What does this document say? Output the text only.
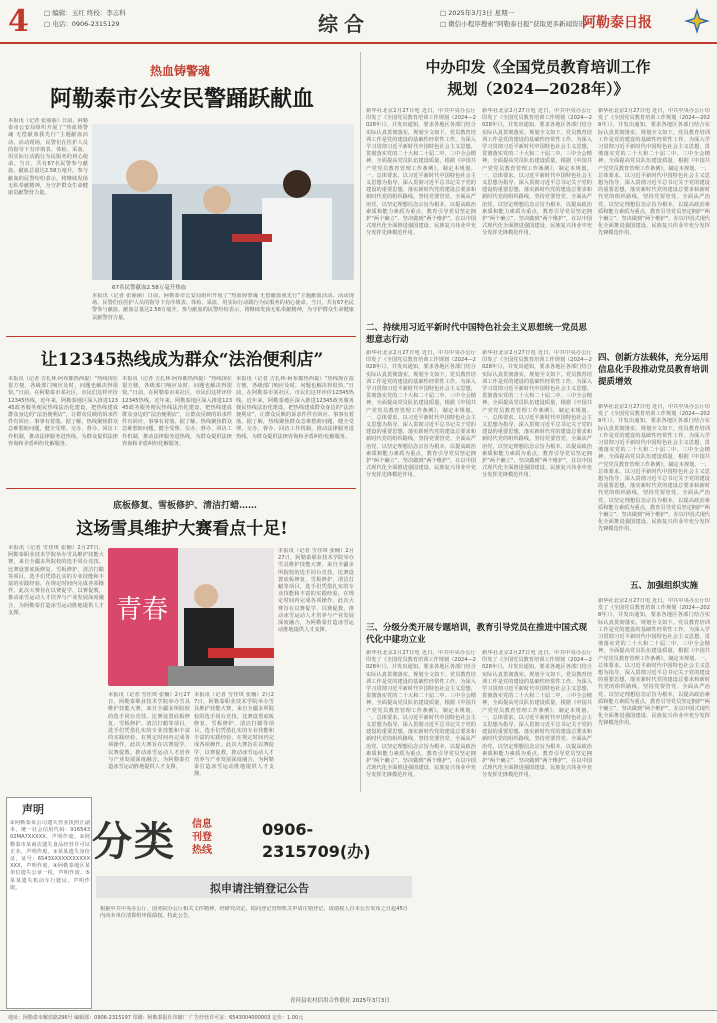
4 □ 编辑：玉红 终校：李志科
□ 电话：0906-2315129	综合	□ 2025年3月3日 星期一
□ 微信小程序搜索“阿勒泰日报”获取更多新闻资讯
阿勒泰日报
热血铸警魂
阿勒泰市公安民警踊跃献血
本报讯（记者 张丽丽）日前，阿勒泰市公安局组织开展了“热血铸警魂 无偿献血我先行”主题献血活动。活动现场，民警们在医护人员的指导下有序填表、体检、采血，用实际行动践行为民服务的初心使命。当日，共有67名民警参与献血，献血总量达2.58万毫升。参与献血的民警纷纷表示，将继续发扬无私奉献精神，为守护群众生命健康贡献警营力量。
67名民警献血2.58万毫升热血
本报讯（记者 张丽丽）日前，阿勒泰市公安局组织开展了“热血铸警魂 无偿献血我先行”主题献血活动。活动现场，民警们在医护人员的指导下有序填表、体检、采血，用实际行动践行为民服务的初心使命。当日，共有67名民警参与献血，献血总量达2.58万毫升。参与献血的民警纷纷表示，将继续发扬无私奉献精神，为守护群众生命健康贡献警营力量。
让12345热线成为群众“法治便利店”
本报讯（记者 吉扎林·阿布都热西提）“热线现在很方便，各级部门响应及时，问题也解决得很快。”日前，在阿勒泰市某社区，市民们这样评价12345热线。近年来，阿勒泰地区深入推进12345政务服务便民热线法治化建设，把热线建成群众身边的“法治便利店”，让群众反映的诉求件件有回应、事事有着落。据了解，热线聚焦群众急难愁盼问题，健全受理、交办、督办、回访工作机制，推动法律服务进热线，为群众提供法律咨询和矛盾纠纷化解服务。
本报讯（记者 吉扎林·阿布都热西提）“热线现在很方便，各级部门响应及时，问题也解决得很快。”日前，在阿勒泰市某社区，市民们这样评价12345热线。近年来，阿勒泰地区深入推进12345政务服务便民热线法治化建设，把热线建成群众身边的“法治便利店”，让群众反映的诉求件件有回应、事事有着落。据了解，热线聚焦群众急难愁盼问题，健全受理、交办、督办、回访工作机制，推动法律服务进热线，为群众提供法律咨询和矛盾纠纷化解服务。
本报讯（记者 吉扎林·阿布都热西提）“热线现在很方便，各级部门响应及时，问题也解决得很快。”日前，在阿勒泰市某社区，市民们这样评价12345热线。近年来，阿勒泰地区深入推进12345政务服务便民热线法治化建设，把热线建成群众身边的“法治便利店”，让群众反映的诉求件件有回应、事事有着落。据了解，热线聚焦群众急难愁盼问题，健全受理、交办、督办、回访工作机制，推动法律服务进热线，为群众提供法律咨询和矛盾纠纷化解服务。
底板修复、雪板修护、清洁打蜡……
这场雪具维护大赛看点十足!
本报讯（记者 雪佳琪 张楠）2月27日，阿勒泰职业技术学院举办雪具维护技能大赛，来自全疆多所院校的选手同台竞技。比赛设置底板修复、雪板修护、清洁打蜡等项目，选手们凭借扎实的专业技能和丰富的实践经验，在规定时间内完成各项操作。此次大赛旨在以赛促学、以赛促教，推动冰雪运动人才培养与产业发展深度融合，为阿勒泰打造冰雪运动胜地提供人才支撑。	青春
本报讯（记者 雪佳琪 张楠）2月27日，阿勒泰职业技术学院举办雪具维护技能大赛，来自全疆多所院校的选手同台竞技。比赛设置底板修复、雪板修护、清洁打蜡等项目，选手们凭借扎实的专业技能和丰富的实践经验，在规定时间内完成各项操作。此次大赛旨在以赛促学、以赛促教，推动冰雪运动人才培养与产业发展深度融合，为阿勒泰打造冰雪运动胜地提供人才支撑。
本报讯（记者 雪佳琪 张楠）2月27日，阿勒泰职业技术学院举办雪具维护技能大赛，来自全疆多所院校的选手同台竞技。比赛设置底板修复、雪板修护、清洁打蜡等项目，选手们凭借扎实的专业技能和丰富的实践经验，在规定时间内完成各项操作。此次大赛旨在以赛促学、以赛促教，推动冰雪运动人才培养与产业发展深度融合，为阿勒泰打造冰雪运动胜地提供人才支撑。
本报讯（记者 雪佳琪 张楠）2月27日，阿勒泰职业技术学院举办雪具维护技能大赛，来自全疆多所院校的选手同台竞技。比赛设置底板修复、雪板修护、清洁打蜡等项目，选手们凭借扎实的专业技能和丰富的实践经验，在规定时间内完成各项操作。此次大赛旨在以赛促学、以赛促教，推动冰雪运动人才培养与产业发展深度融合，为阿勒泰打造冰雪运动胜地提供人才支撑。
中办印发《全国党员教育培训工作
规划（2024—2028年）》
新华社北京2月27日电 近日，中共中央办公厅印发了《全国党员教育培训工作规划（2024—2028年）》，并发出通知，要求各地区各部门结合实际认真贯彻落实。规划全文如下。党员教育培训工作是党的建设的基础性经常性工作。为深入学习贯彻习近平新时代中国特色社会主义思想，贯彻落实党的二十大和二十届二中、三中全会精神，全面提高党员队伍建设质量，根据《中国共产党党员教育管理工作条例》，制定本规划。一、总体要求。以习近平新时代中国特色社会主义思想为指导，深入贯彻习近平总书记关于党的建设的重要思想，落实新时代党的建设总要求和新时代党的组织路线，坚持党要管党、全面从严治党，以坚定理想信念宗旨为根本，以提高政治素质和能力素质为重点，教育引导党员坚定拥护“两个确立”、坚决做到“两个维护”，在以中国式现代化全面推进强国建设、民族复兴伟业中充分发挥先锋模范作用。
新华社北京2月27日电 近日，中共中央办公厅印发了《全国党员教育培训工作规划（2024—2028年）》，并发出通知，要求各地区各部门结合实际认真贯彻落实。规划全文如下。党员教育培训工作是党的建设的基础性经常性工作。为深入学习贯彻习近平新时代中国特色社会主义思想，贯彻落实党的二十大和二十届二中、三中全会精神，全面提高党员队伍建设质量，根据《中国共产党党员教育管理工作条例》，制定本规划。一、总体要求。以习近平新时代中国特色社会主义思想为指导，深入贯彻习近平总书记关于党的建设的重要思想，落实新时代党的建设总要求和新时代党的组织路线，坚持党要管党、全面从严治党，以坚定理想信念宗旨为根本，以提高政治素质和能力素质为重点，教育引导党员坚定拥护“两个确立”、坚决做到“两个维护”，在以中国式现代化全面推进强国建设、民族复兴伟业中充分发挥先锋模范作用。
新华社北京2月27日电 近日，中共中央办公厅印发了《全国党员教育培训工作规划（2024—2028年）》，并发出通知，要求各地区各部门结合实际认真贯彻落实。规划全文如下。党员教育培训工作是党的建设的基础性经常性工作。为深入学习贯彻习近平新时代中国特色社会主义思想，贯彻落实党的二十大和二十届二中、三中全会精神，全面提高党员队伍建设质量，根据《中国共产党党员教育管理工作条例》，制定本规划。一、总体要求。以习近平新时代中国特色社会主义思想为指导，深入贯彻习近平总书记关于党的建设的重要思想，落实新时代党的建设总要求和新时代党的组织路线，坚持党要管党、全面从严治党，以坚定理想信念宗旨为根本，以提高政治素质和能力素质为重点，教育引导党员坚定拥护“两个确立”、坚决做到“两个维护”，在以中国式现代化全面推进强国建设、民族复兴伟业中充分发挥先锋模范作用。
二、持续用习近平新时代中国特色社会主义思想统一党员思想意志行动
新华社北京2月27日电 近日，中共中央办公厅印发了《全国党员教育培训工作规划（2024—2028年）》，并发出通知，要求各地区各部门结合实际认真贯彻落实。规划全文如下。党员教育培训工作是党的建设的基础性经常性工作。为深入学习贯彻习近平新时代中国特色社会主义思想，贯彻落实党的二十大和二十届二中、三中全会精神，全面提高党员队伍建设质量，根据《中国共产党党员教育管理工作条例》，制定本规划。一、总体要求。以习近平新时代中国特色社会主义思想为指导，深入贯彻习近平总书记关于党的建设的重要思想，落实新时代党的建设总要求和新时代党的组织路线，坚持党要管党、全面从严治党，以坚定理想信念宗旨为根本，以提高政治素质和能力素质为重点，教育引导党员坚定拥护“两个确立”、坚决做到“两个维护”，在以中国式现代化全面推进强国建设、民族复兴伟业中充分发挥先锋模范作用。
新华社北京2月27日电 近日，中共中央办公厅印发了《全国党员教育培训工作规划（2024—2028年）》，并发出通知，要求各地区各部门结合实际认真贯彻落实。规划全文如下。党员教育培训工作是党的建设的基础性经常性工作。为深入学习贯彻习近平新时代中国特色社会主义思想，贯彻落实党的二十大和二十届二中、三中全会精神，全面提高党员队伍建设质量，根据《中国共产党党员教育管理工作条例》，制定本规划。一、总体要求。以习近平新时代中国特色社会主义思想为指导，深入贯彻习近平总书记关于党的建设的重要思想，落实新时代党的建设总要求和新时代党的组织路线，坚持党要管党、全面从严治党，以坚定理想信念宗旨为根本，以提高政治素质和能力素质为重点，教育引导党员坚定拥护“两个确立”、坚决做到“两个维护”，在以中国式现代化全面推进强国建设、民族复兴伟业中充分发挥先锋模范作用。
四、创新方法载体，充分运用信息化手段推动党员教育培训提质增效
新华社北京2月27日电 近日，中共中央办公厅印发了《全国党员教育培训工作规划（2024—2028年）》，并发出通知，要求各地区各部门结合实际认真贯彻落实。规划全文如下。党员教育培训工作是党的建设的基础性经常性工作。为深入学习贯彻习近平新时代中国特色社会主义思想，贯彻落实党的二十大和二十届二中、三中全会精神，全面提高党员队伍建设质量，根据《中国共产党党员教育管理工作条例》，制定本规划。一、总体要求。以习近平新时代中国特色社会主义思想为指导，深入贯彻习近平总书记关于党的建设的重要思想，落实新时代党的建设总要求和新时代党的组织路线，坚持党要管党、全面从严治党，以坚定理想信念宗旨为根本，以提高政治素质和能力素质为重点，教育引导党员坚定拥护“两个确立”、坚决做到“两个维护”，在以中国式现代化全面推进强国建设、民族复兴伟业中充分发挥先锋模范作用。
五、加强组织实施
新华社北京2月27日电 近日，中共中央办公厅印发了《全国党员教育培训工作规划（2024—2028年）》，并发出通知，要求各地区各部门结合实际认真贯彻落实。规划全文如下。党员教育培训工作是党的建设的基础性经常性工作。为深入学习贯彻习近平新时代中国特色社会主义思想，贯彻落实党的二十大和二十届二中、三中全会精神，全面提高党员队伍建设质量，根据《中国共产党党员教育管理工作条例》，制定本规划。一、总体要求。以习近平新时代中国特色社会主义思想为指导，深入贯彻习近平总书记关于党的建设的重要思想，落实新时代党的建设总要求和新时代党的组织路线，坚持党要管党、全面从严治党，以坚定理想信念宗旨为根本，以提高政治素质和能力素质为重点，教育引导党员坚定拥护“两个确立”、坚决做到“两个维护”，在以中国式现代化全面推进强国建设、民族复兴伟业中充分发挥先锋模范作用。
三、分级分类开展专题培训，教育引导党员在推进中国式现代化中建功立业
新华社北京2月27日电 近日，中共中央办公厅印发了《全国党员教育培训工作规划（2024—2028年）》，并发出通知，要求各地区各部门结合实际认真贯彻落实。规划全文如下。党员教育培训工作是党的建设的基础性经常性工作。为深入学习贯彻习近平新时代中国特色社会主义思想，贯彻落实党的二十大和二十届二中、三中全会精神，全面提高党员队伍建设质量，根据《中国共产党党员教育管理工作条例》，制定本规划。一、总体要求。以习近平新时代中国特色社会主义思想为指导，深入贯彻习近平总书记关于党的建设的重要思想，落实新时代党的建设总要求和新时代党的组织路线，坚持党要管党、全面从严治党，以坚定理想信念宗旨为根本，以提高政治素质和能力素质为重点，教育引导党员坚定拥护“两个确立”、坚决做到“两个维护”，在以中国式现代化全面推进强国建设、民族复兴伟业中充分发挥先锋模范作用。
新华社北京2月27日电 近日，中共中央办公厅印发了《全国党员教育培训工作规划（2024—2028年）》，并发出通知，要求各地区各部门结合实际认真贯彻落实。规划全文如下。党员教育培训工作是党的建设的基础性经常性工作。为深入学习贯彻习近平新时代中国特色社会主义思想，贯彻落实党的二十大和二十届二中、三中全会精神，全面提高党员队伍建设质量，根据《中国共产党党员教育管理工作条例》，制定本规划。一、总体要求。以习近平新时代中国特色社会主义思想为指导，深入贯彻习近平总书记关于党的建设的重要思想，落实新时代党的建设总要求和新时代党的组织路线，坚持党要管党、全面从严治党，以坚定理想信念宗旨为根本，以提高政治素质和能力素质为重点，教育引导党员坚定拥护“两个确立”、坚决做到“两个维护”，在以中国式现代化全面推进强国建设、民族复兴伟业中充分发挥先锋模范作用。
声明
①阿勒泰某公司遗失营业执照正副本，统一社会信用代码：91654302MA7XXXXX，声明作废。②阿勒泰市某商店遗失食品经营许可证正本，声明作废。③某某遗失身份证，证号：6543XXXXXXXXXXXXXX，声明作废。④阿勒泰地区某单位遗失公章一枚，声明作废。⑤某某遗失机动车行驶证，声明作废。
分类 信息
刊登
热线
0906-2315709(办)
拟申请注销登记公告
根据中共中央办公厅、国务院办公厅相关文件精神，经研究决定，拟向登记管理机关申请注销登记，请债权人自本公告发布之日起45日内向本单位清算组申报债权。特此公告。
青河县农村信用合作联社 2025年3月3日
地址：阿勒泰市解放路296号 编辑部：0906-2315197 印刷：阿勒泰报社印刷厂 广告经营许可证：6543004000003 定价：1.00元
